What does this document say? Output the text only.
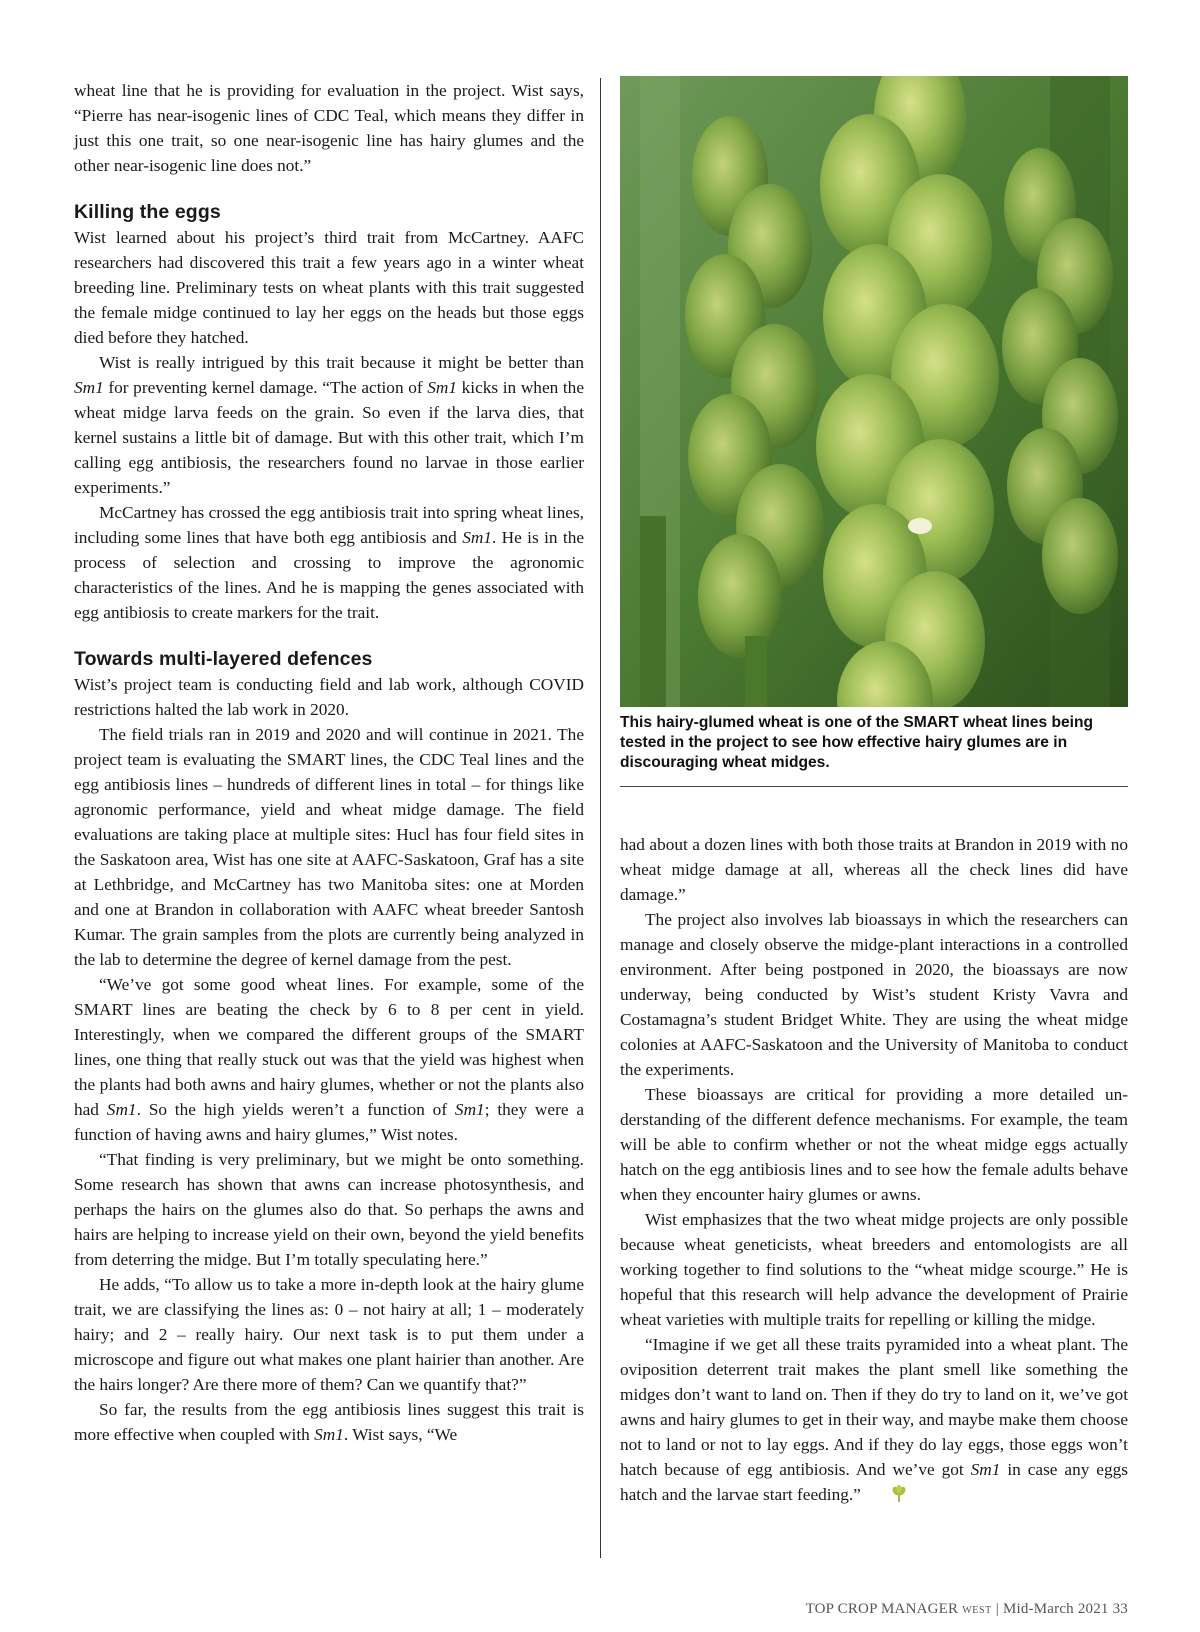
wheat line that he is providing for evaluation in the project. Wist says, “Pierre has near-isogenic lines of CDC Teal, which means they differ in just this one trait, so one near-isogenic line has hairy glumes and the other near-isogenic line does not.”

Killing the eggs

Wist learned about his project’s third trait from McCartney. AAFC researchers had discovered this trait a few years ago in a winter wheat breeding line. Preliminary tests on wheat plants with this trait suggested the female midge continued to lay her eggs on the heads but those eggs died before they hatched.

Wist is really intrigued by this trait because it might be better than Sm1 for preventing kernel damage. “The action of Sm1 kicks in when the wheat midge larva feeds on the grain. So even if the larva dies, that kernel sustains a little bit of damage. But with this other trait, which I’m calling egg antibiosis, the researchers found no larvae in those earlier experiments.”

McCartney has crossed the egg antibiosis trait into spring wheat lines, including some lines that have both egg antibiosis and Sm1. He is in the process of selection and crossing to improve the agronomic characteristics of the lines. And he is mapping the genes associated with egg antibiosis to create markers for the trait.

Towards multi-layered defences

Wist’s project team is conducting field and lab work, although COVID restrictions halted the lab work in 2020.

The field trials ran in 2019 and 2020 and will continue in 2021. The project team is evaluating the SMART lines, the CDC Teal lines and the egg antibiosis lines – hundreds of different lines in total – for things like agronomic performance, yield and wheat midge damage. The field evaluations are taking place at multiple sites: Hucl has four field sites in the Saskatoon area, Wist has one site at AAFC-Saskatoon, Graf has a site at Lethbridge, and McCartney has two Manitoba sites: one at Morden and one at Brandon in collaboration with AAFC wheat breeder Santosh Kumar. The grain samples from the plots are currently being analyzed in the lab to determine the degree of kernel damage from the pest.

“We’ve got some good wheat lines. For example, some of the SMART lines are beating the check by 6 to 8 per cent in yield. Interestingly, when we compared the different groups of the SMART lines, one thing that really stuck out was that the yield was highest when the plants had both awns and hairy glumes, whether or not the plants also had Sm1. So the high yields weren’t a function of Sm1; they were a function of having awns and hairy glumes,” Wist notes.

“That finding is very preliminary, but we might be onto something. Some research has shown that awns can increase photosynthesis, and perhaps the hairs on the glumes also do that. So perhaps the awns and hairs are helping to increase yield on their own, beyond the yield benefits from deterring the midge. But I’m totally speculating here.”

He adds, “To allow us to take a more in-depth look at the hairy glume trait, we are classifying the lines as: 0 – not hairy at all; 1 – moderately hairy; and 2 – really hairy. Our next task is to put them under a microscope and figure out what makes one plant hairier than another. Are the hairs longer? Are there more of them? Can we quantify that?”

So far, the results from the egg antibiosis lines suggest this trait is more effective when coupled with Sm1. Wist says, “We

This hairy-glumed wheat is one of the SMART wheat lines being tested in the project to see how effective hairy glumes are in discouraging wheat midges.

had about a dozen lines with both those traits at Brandon in 2019 with no wheat midge damage at all, whereas all the check lines did have damage.”

The project also involves lab bioassays in which the researchers can manage and closely observe the midge-plant interactions in a controlled environment. After being postponed in 2020, the bioassays are now underway, being conducted by Wist’s student Kristy Vavra and Costamagna’s student Bridget White. They are using the wheat midge colonies at AAFC-Saskatoon and the University of Manitoba to conduct the experiments.

These bioassays are critical for providing a more detailed understanding of the different defence mechanisms. For example, the team will be able to confirm whether or not the wheat midge eggs actually hatch on the egg antibiosis lines and to see how the female adults behave when they encounter hairy glumes or awns.

Wist emphasizes that the two wheat midge projects are only possible because wheat geneticists, wheat breeders and entomologists are all working together to find solutions to the “wheat midge scourge.” He is hopeful that this research will help advance the development of Prairie wheat varieties with multiple traits for repelling or killing the midge.

“Imagine if we get all these traits pyramided into a wheat plant. The oviposition deterrent trait makes the plant smell like something the midges don’t want to land on. Then if they do try to land on it, we’ve got awns and hairy glumes to get in their way, and maybe make them choose not to land or not to lay eggs. And if they do lay eggs, those eggs won’t hatch because of egg antibiosis. And we’ve got Sm1 in case any eggs hatch and the larvae start feeding.”

TOP CROP MANAGER WEST | Mid-March 2021 33
